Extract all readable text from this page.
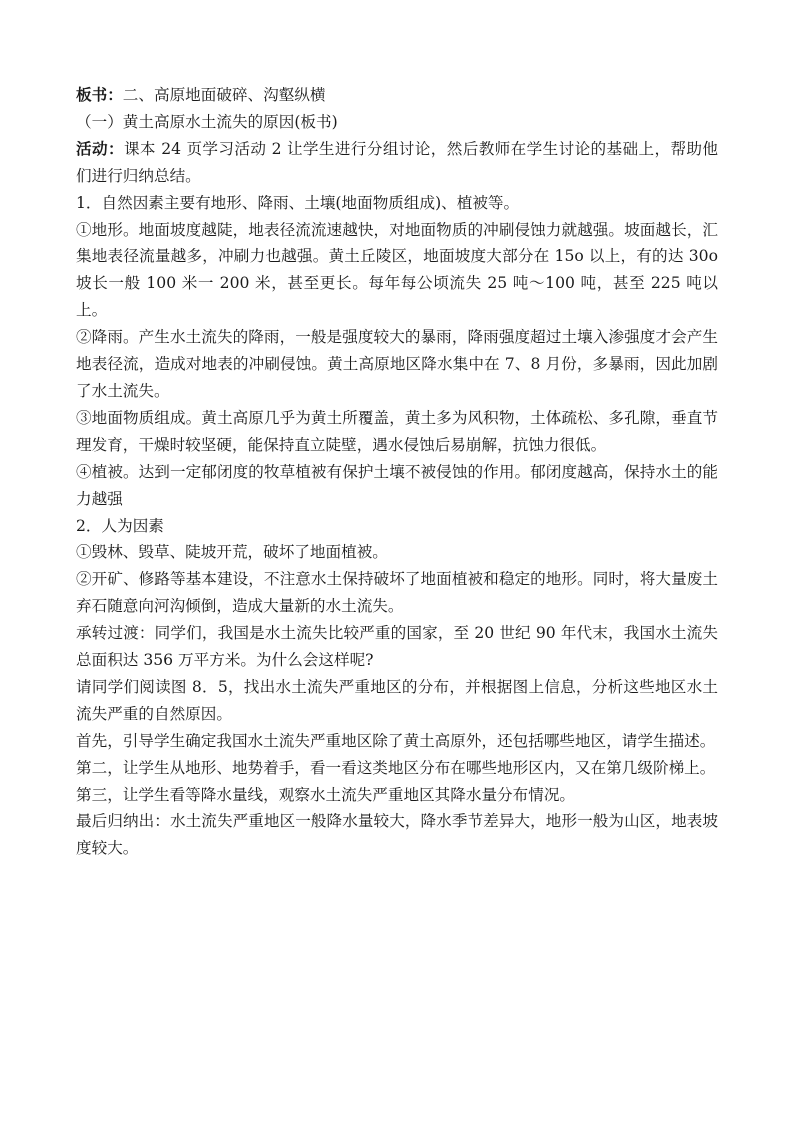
板书：二、高原地面破碎、沟壑纵横

（一）黄土高原水土流失的原因(板书)

活动：课本 24 页学习活动 2 让学生进行分组讨论，然后教师在学生讨论的基础上，帮助他们进行归纳总结。

1．自然因素主要有地形、降雨、土壤(地面物质组成)、植被等。

①地形。地面坡度越陡，地表径流流速越快，对地面物质的冲刷侵蚀力就越强。坡面越长，汇集地表径流量越多，冲刷力也越强。黄土丘陵区，地面坡度大部分在 15o 以上，有的达 30o 坡长一般 100 米一 200 米，甚至更长。每年每公顷流失 25 吨～100 吨，甚至 225 吨以上。

②降雨。产生水土流失的降雨，一般是强度较大的暴雨，降雨强度超过土壤入渗强度才会产生地表径流，造成对地表的冲刷侵蚀。黄土高原地区降水集中在 7、8 月份，多暴雨，因此加剧了水土流失。

③地面物质组成。黄土高原几乎为黄土所覆盖，黄土多为风积物，土体疏松、多孔隙，垂直节理发育，干燥时较坚硬，能保持直立陡壁，遇水侵蚀后易崩解，抗蚀力很低。

④植被。达到一定郁闭度的牧草植被有保护土壤不被侵蚀的作用。郁闭度越高，保持水土的能力越强

2．人为因素

①毁林、毁草、陡坡开荒，破坏了地面植被。

②开矿、修路等基本建设，不注意水土保持破坏了地面植被和稳定的地形。同时，将大量废土弃石随意向河沟倾倒，造成大量新的水土流失。

承转过渡：同学们，我国是水土流失比较严重的国家，至 20 世纪 90 年代末，我国水土流失总面积达 356 万平方米。为什么会这样呢?

请同学们阅读图 8．5，找出水土流失严重地区的分布，并根据图上信息，分析这些地区水土流失严重的自然原因。

首先，引导学生确定我国水土流失严重地区除了黄土高原外，还包括哪些地区，请学生描述。

第二，让学生从地形、地势着手，看一看这类地区分布在哪些地形区内，又在第几级阶梯上。

第三，让学生看等降水量线，观察水土流失严重地区其降水量分布情况。

最后归纳出：水土流失严重地区一般降水量较大，降水季节差异大，地形一般为山区，地表坡度较大。
